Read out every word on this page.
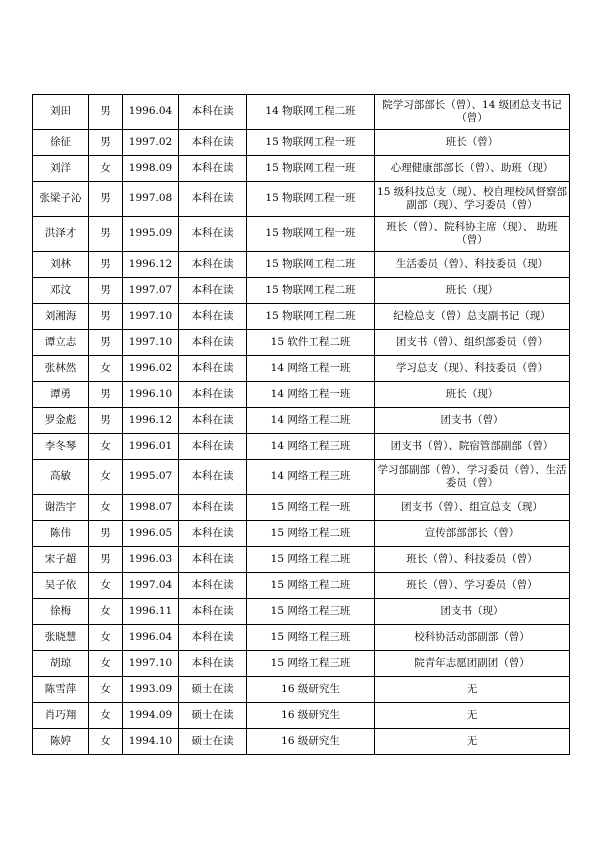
刘田	男	1996.04	本科在读	14 物联网工程二班	院学习部部长（曾）、14 级团总支书记（曾）
徐征	男	1997.02	本科在读	15 物联网工程一班	班长（曾）
刘洋	女	1998.09	本科在读	15 物联网工程一班	心理健康部部长（曾）、助班（现）
张梁子沁	男	1997.08	本科在读	15 物联网工程一班	15 级科技总支（现）、校自理校风督察部副部（现）、学习委员（曾）
洪泽才	男	1995.09	本科在读	15 物联网工程一班	班长（曾）、院科协主席（现）、 助班（曾）
刘林	男	1996.12	本科在读	15 物联网工程二班	生活委员（曾）、科技委员（现）
邓汶	男	1997.07	本科在读	15 物联网工程二班	班长（现）
刘湘海	男	1997.10	本科在读	15 物联网工程二班	纪检总支（曾）总支副书记（现）
谭立志	男	1997.10	本科在读	15 软件工程二班	团支书（曾）、组织部委员（曾）
张林然	女	1996.02	本科在读	14 网络工程一班	学习总支（现）、科技委员（曾）
谭勇	男	1996.10	本科在读	14 网络工程一班	班长（现）
罗金彪	男	1996.12	本科在读	14 网络工程二班	团支书（曾）
李冬琴	女	1996.01	本科在读	14 网络工程三班	团支书（曾）、院宿管部副部（曾）
高敏	女	1995.07	本科在读	14 网络工程三班	学习部副部（曾）、学习委员（曾）、生活委员（曾）
谢浩宇	女	1998.07	本科在读	15 网络工程一班	团支书（曾）、组宣总支（现）
陈伟	男	1996.05	本科在读	15 网络工程二班	宣传部部部长（曾）
宋子超	男	1996.03	本科在读	15 网络工程二班	班长（曾）、科技委员（曾）
吴子依	女	1997.04	本科在读	15 网络工程二班	班长（曾）、学习委员（曾）
徐梅	女	1996.11	本科在读	15 网络工程三班	团支书（现）
张晓慧	女	1996.04	本科在读	15 网络工程三班	校科协活动部副部（曾）
胡琼	女	1997.10	本科在读	15 网络工程三班	院青年志愿团副团（曾）
陈雪萍	女	1993.09	硕士在读	16 级研究生	无
肖巧翔	女	1994.09	硕士在读	16 级研究生	无
陈婷	女	1994.10	硕士在读	16 级研究生	无
